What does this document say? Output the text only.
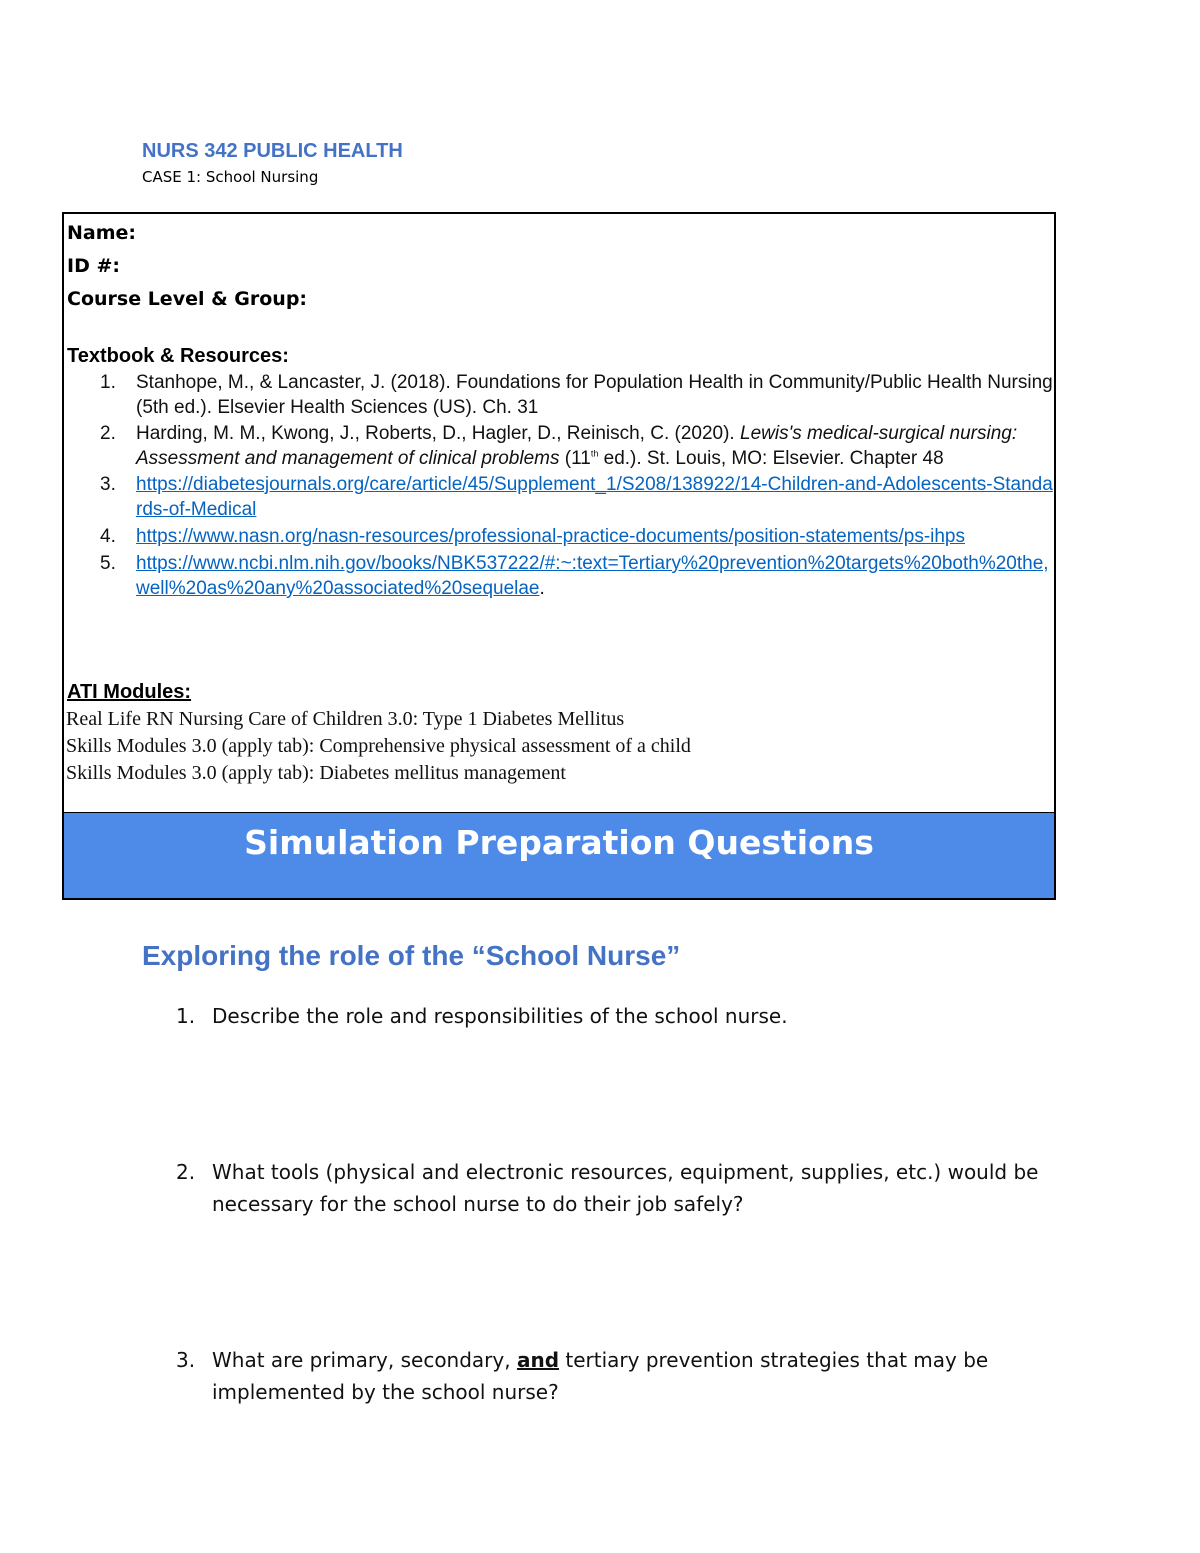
NURS 342 PUBLIC HEALTH

CASE 1: School Nursing

Name:
ID #:
Course Level & Group:
Textbook & Resources:
1.	Stanhope, M., & Lancaster, J. (2018). Foundations for Population Health in Community/Public Health Nursing (5th ed.). Elsevier Health Sciences (US). Ch. 31
2.	Harding, M. M., Kwong, J., Roberts, D., Hagler, D., Reinisch, C. (2020). Lewis's medical-surgical nursing: Assessment and management of clinical problems (11th ed.). St. Louis, MO: Elsevier. Chapter 48
3.	https://diabetesjournals.org/care/article/45/Supplement_1/S208/138922/14-Children-and-Adolescents-Standards-of-Medical
4.	https://www.nasn.org/nasn-resources/professional-practice-documents/position-statements/ps-ihps
5.	https://www.ncbi.nlm.nih.gov/books/NBK537222/#:~:text=Tertiary%20prevention%20targets%20both%20the,well%20as%20any%20associated%20sequelae.
ATI Modules:
Real Life RN Nursing Care of Children 3.0: Type 1 Diabetes Mellitus
Skills Modules 3.0 (apply tab): Comprehensive physical assessment of a child
Skills Modules 3.0 (apply tab): Diabetes mellitus management
Simulation Preparation Questions
Exploring the role of the “School Nurse”
1. Describe the role and responsibilities of the school nurse.
2. What tools (physical and electronic resources, equipment, supplies, etc.) would be necessary for the school nurse to do their job safely?
3. What are primary, secondary, and tertiary prevention strategies that may be implemented by the school nurse?
